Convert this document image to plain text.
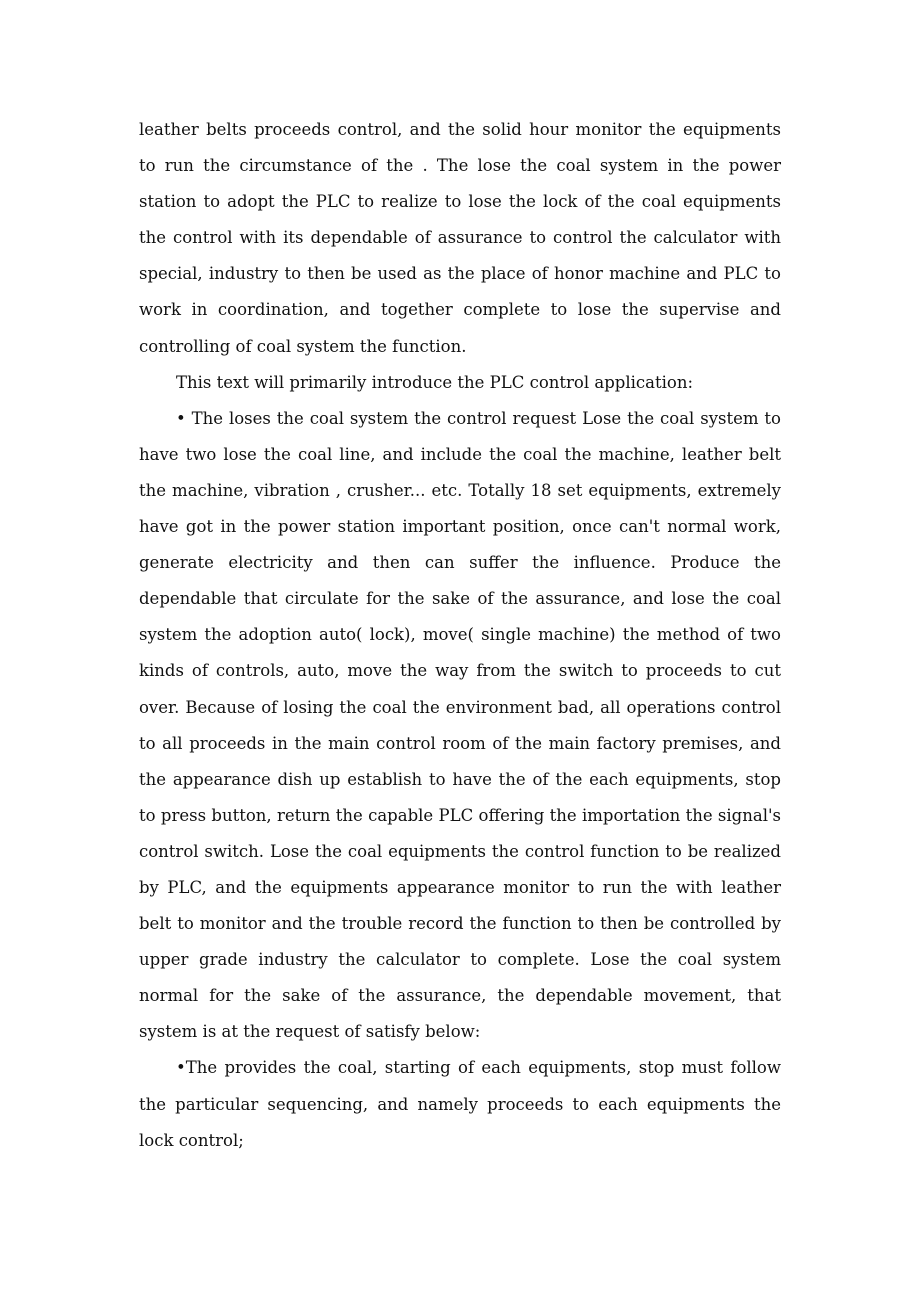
leather belts proceeds control, and the solid hour monitor the equipments to run the circumstance of the . The lose the coal system in the power station to adopt the PLC to realize to lose the lock of the coal equipments the control with its dependable of assurance to control the calculator with special, industry to then be used as the place of honor machine and PLC to work in coordination, and together complete to lose the supervise and controlling of coal system the function.

This text will primarily introduce the PLC control application:

• The loses the coal system the control request Lose the coal system to have two lose the coal line, and include the coal the machine, leather belt the machine, vibration , crusher... etc. Totally 18 set equipments, extremely have got in the power station important position, once can't normal work, generate electricity and then can suffer the influence. Produce the dependable that circulate for the sake of the assurance, and lose the coal system the adoption auto( lock), move( single machine) the method of two kinds of controls, auto, move the way from the switch to proceeds to cut over. Because of losing the coal the environment bad, all operations control to all proceeds in the main control room of the main factory premises, and the appearance dish up establish to have the of the each equipments, stop to press button, return the capable PLC offering the importation the signal's control switch. Lose the coal equipments the control function to be realized by PLC, and the equipments appearance monitor to run the with leather belt to monitor and the trouble record the function to then be controlled by upper grade industry the calculator to complete. Lose the coal system normal for the sake of the assurance, the dependable movement, that system is at the request of satisfy below:

•The provides the coal, starting of each equipments, stop must follow the particular sequencing, and namely proceeds to each equipments the lock control;
